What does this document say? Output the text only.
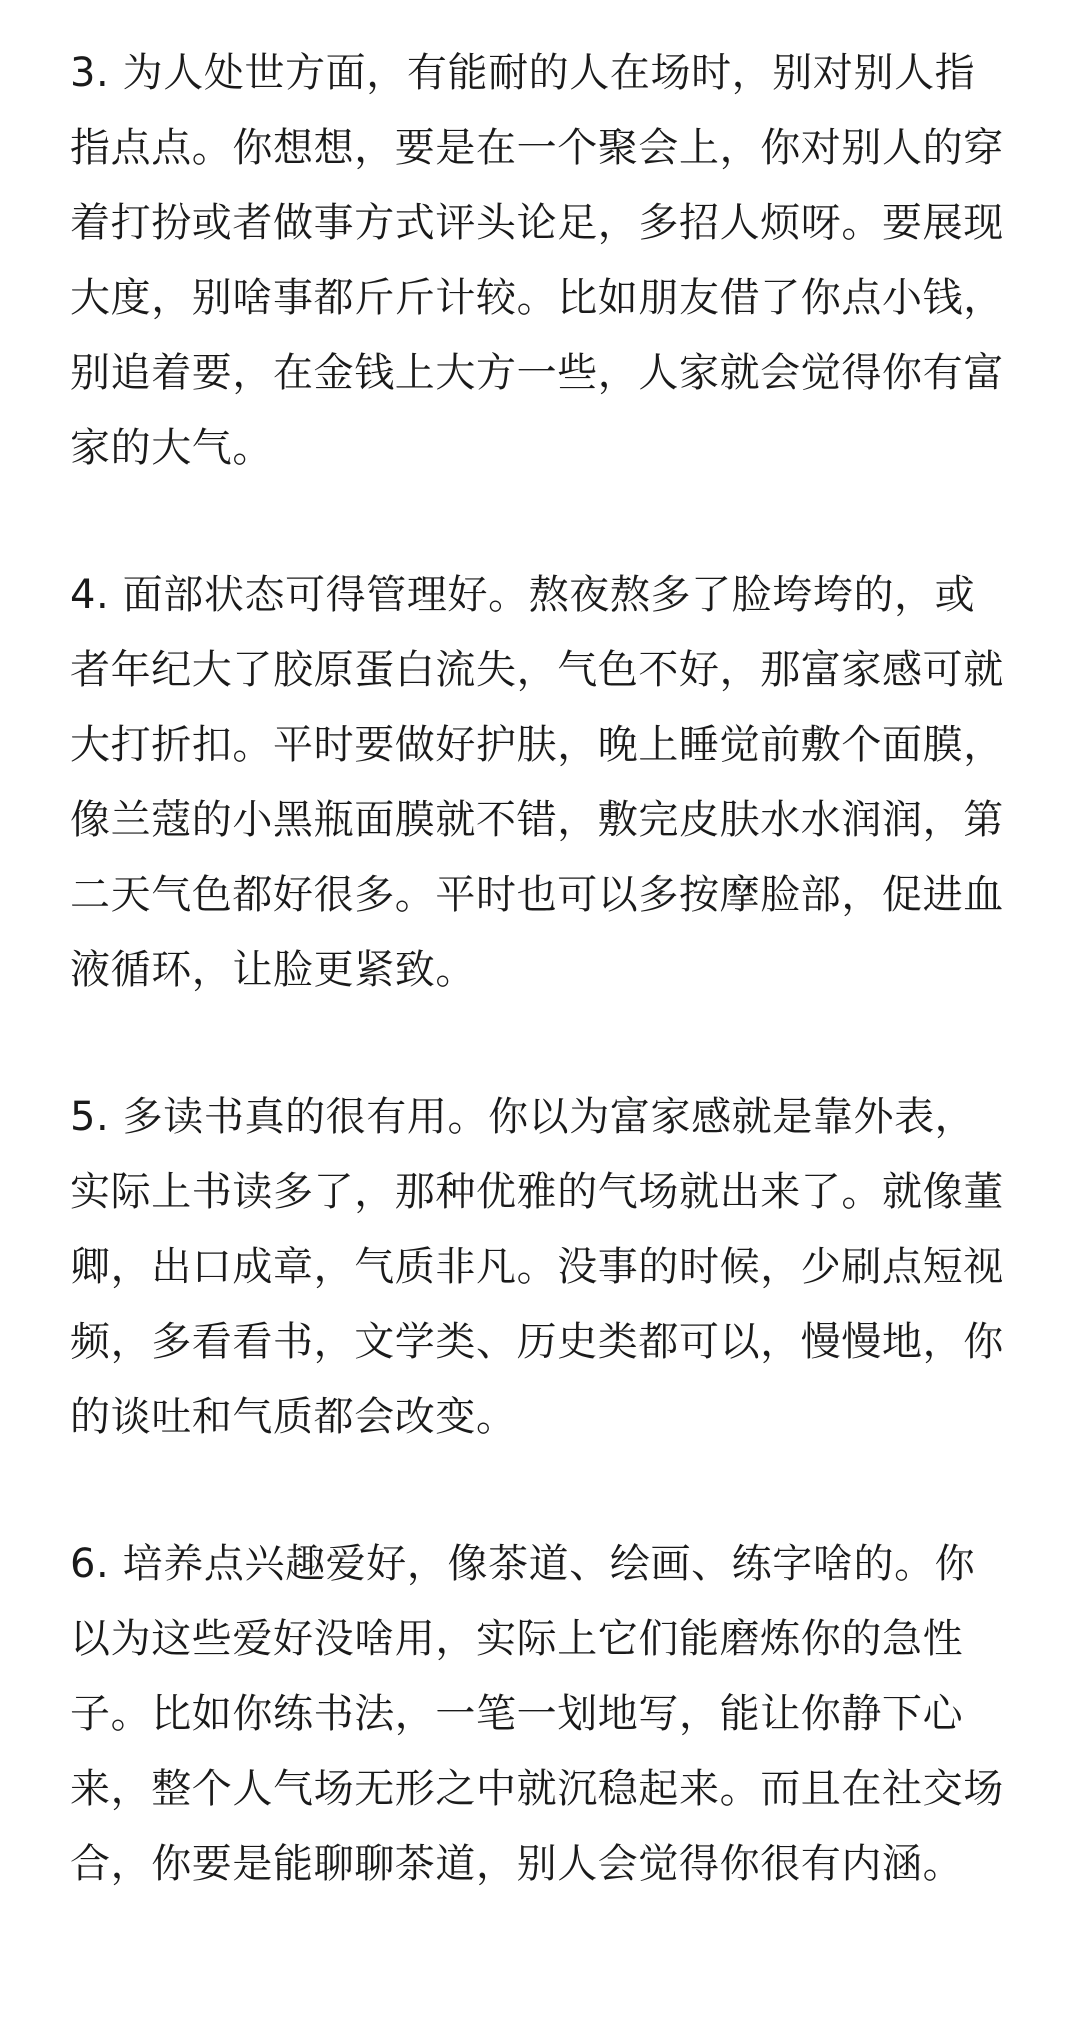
3. 为人处世方面，有能耐的人在场时，别对别人指指点点。你想想，要是在一个聚会上，你对别人的穿着打扮或者做事方式评头论足，多招人烦呀。要展现大度，别啥事都斤斤计较。比如朋友借了你点小钱，别追着要，在金钱上大方一些，人家就会觉得你有富家的大气。

4. 面部状态可得管理好。熬夜熬多了脸垮垮的，或者年纪大了胶原蛋白流失，气色不好，那富家感可就大打折扣。平时要做好护肤，晚上睡觉前敷个面膜，像兰蔻的小黑瓶面膜就不错，敷完皮肤水水润润，第二天气色都好很多。平时也可以多按摩脸部，促进血液循环，让脸更紧致。

5. 多读书真的很有用。你以为富家感就是靠外表，实际上书读多了，那种优雅的气场就出来了。就像董卿，出口成章，气质非凡。没事的时候，少刷点短视频，多看看书，文学类、历史类都可以，慢慢地，你的谈吐和气质都会改变。

6. 培养点兴趣爱好，像茶道、绘画、练字啥的。你以为这些爱好没啥用，实际上它们能磨炼你的急性子。比如你练书法，一笔一划地写，能让你静下心来，整个人气场无形之中就沉稳起来。而且在社交场合，你要是能聊聊茶道，别人会觉得你很有内涵。
